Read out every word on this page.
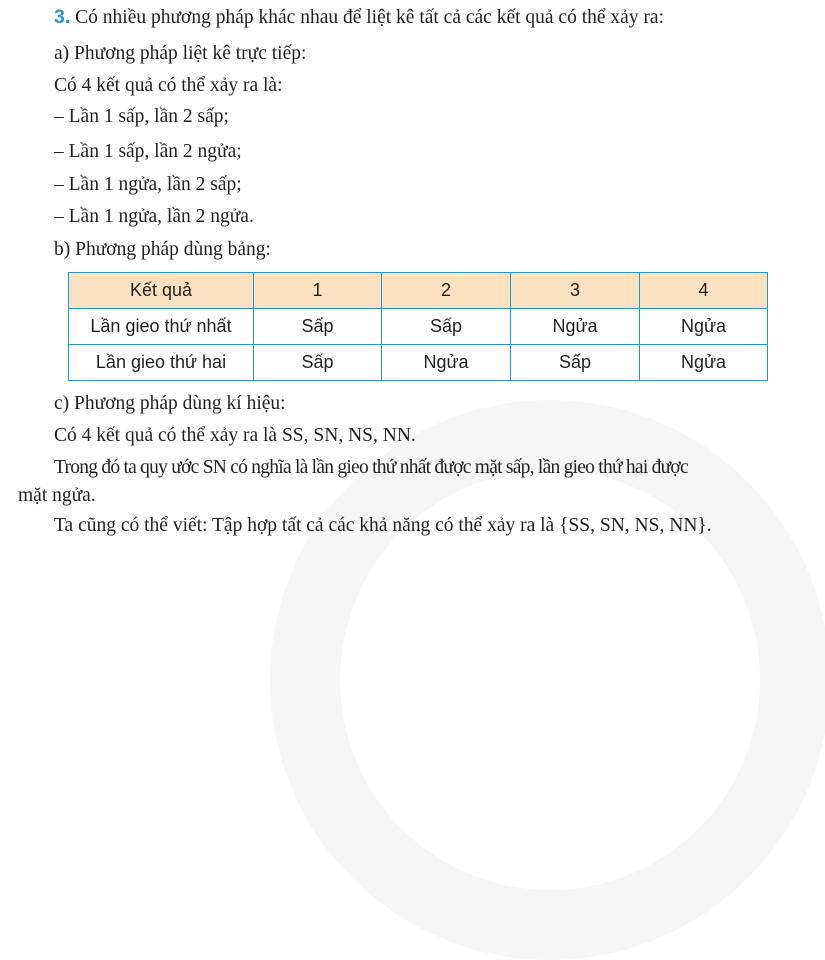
3. Có nhiều phương pháp khác nhau để liệt kê tất cả các kết quả có thể xảy ra:
a) Phương pháp liệt kê trực tiếp:
Có 4 kết quả có thể xảy ra là:
– Lần 1 sấp, lần 2 sấp;
– Lần 1 sấp, lần 2 ngửa;
– Lần 1 ngửa, lần 2 sấp;
– Lần 1 ngửa, lần 2 ngửa.
b) Phương pháp dùng bảng:
Kết quả	1	2	3	4
Lần gieo thứ nhất	Sấp	Sấp	Ngửa	Ngửa
Lần gieo thứ hai	Sấp	Ngửa	Sấp	Ngửa
c) Phương pháp dùng kí hiệu:
Có 4 kết quả có thể xảy ra là SS, SN, NS, NN.
Trong đó ta quy ước SN có nghĩa là lần gieo thứ nhất được mặt sấp, lần gieo thứ hai được
mặt ngửa.
Ta cũng có thể viết: Tập hợp tất cả các khả năng có thể xảy ra là {SS, SN, NS, NN}.
